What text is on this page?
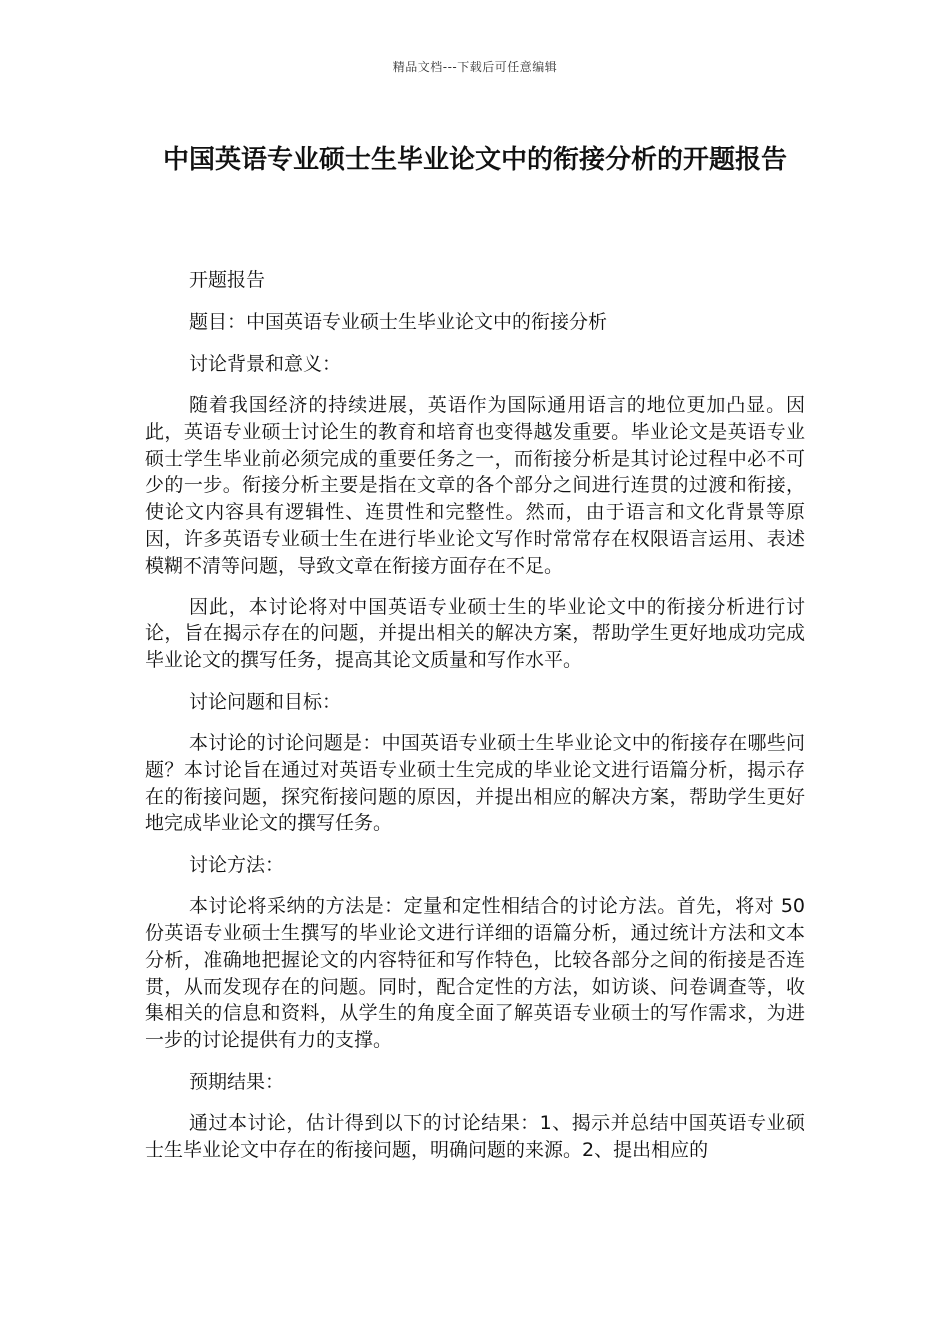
精品文档---下载后可任意编辑
中国英语专业硕士生毕业论文中的衔接分析的开题报告

开题报告

题目：中国英语专业硕士生毕业论文中的衔接分析

讨论背景和意义：

随着我国经济的持续进展，英语作为国际通用语言的地位更加凸显。因此，英语专业硕士讨论生的教育和培育也变得越发重要。毕业论文是英语专业硕士学生毕业前必须完成的重要任务之一，而衔接分析是其讨论过程中必不可少的一步。衔接分析主要是指在文章的各个部分之间进行连贯的过渡和衔接，使论文内容具有逻辑性、连贯性和完整性。然而，由于语言和文化背景等原因，许多英语专业硕士生在进行毕业论文写作时常常存在权限语言运用、表述模糊不清等问题，导致文章在衔接方面存在不足。

因此，本讨论将对中国英语专业硕士生的毕业论文中的衔接分析进行讨论，旨在揭示存在的问题，并提出相关的解决方案，帮助学生更好地成功完成毕业论文的撰写任务，提高其论文质量和写作水平。

讨论问题和目标：

本讨论的讨论问题是：中国英语专业硕士生毕业论文中的衔接存在哪些问题？本讨论旨在通过对英语专业硕士生完成的毕业论文进行语篇分析，揭示存在的衔接问题，探究衔接问题的原因，并提出相应的解决方案，帮助学生更好地完成毕业论文的撰写任务。

讨论方法：

本讨论将采纳的方法是：定量和定性相结合的讨论方法。首先，将对 50 份英语专业硕士生撰写的毕业论文进行详细的语篇分析，通过统计方法和文本分析，准确地把握论文的内容特征和写作特色，比较各部分之间的衔接是否连贯，从而发现存在的问题。同时，配合定性的方法，如访谈、问卷调查等，收集相关的信息和资料，从学生的角度全面了解英语专业硕士的写作需求，为进一步的讨论提供有力的支撑。

预期结果：

通过本讨论，估计得到以下的讨论结果：1、揭示并总结中国英语专业硕士生毕业论文中存在的衔接问题，明确问题的来源。2、提出相应的
